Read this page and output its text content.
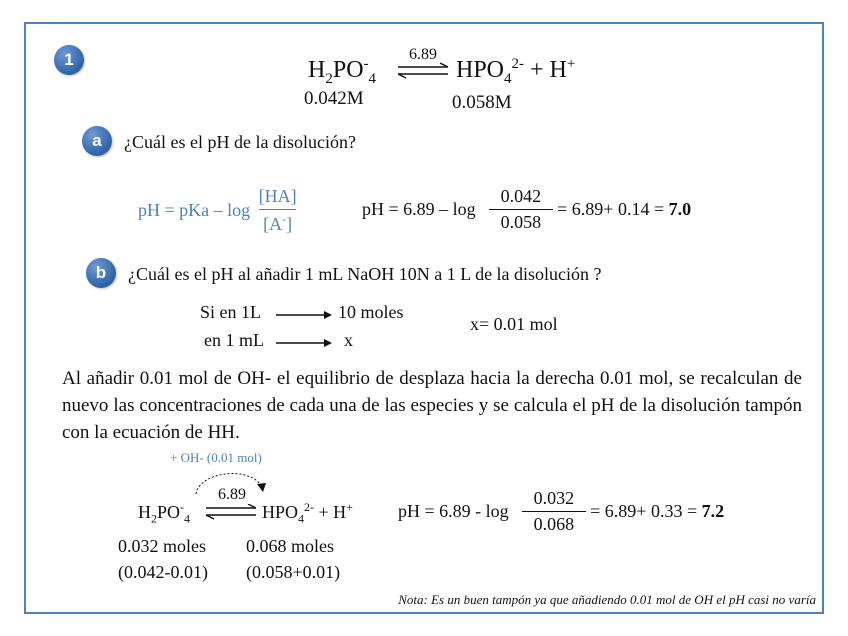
1	$H_2PO^-_4$
6.89
⇌ $HPO_4^{2-} + H^+$
0.042M	0.058M
a	¿Cuál es el pH de la disolución?
pH = pKa – log
$\frac{[HA]}{[A^-]}$	pH = 6.89 – log
$\frac{0.042}{0.058} = 6.89+ 0.14$ =
7.0
b	¿Cuál es el pH al añadir 1 mL NaOH 10N a 1 L de la disolución ?
Si en 1L	10 moles
en 1 mL	x
x= 0.01 mol
Al añadir 0.01 mol de OH- el equilibrio de desplaza hacia la derecha 0.01 mol, se recalculan de nuevo las concentraciones de cada una de las especies y se calcula el pH de la disolución tampón con la ecuación de HH.
+ OH- (0.01 mol)
$H_2PO^-_4$
6.89
⇌ $HPO_4^{2-} + H^+$
0.032 moles 0.068 moles
(0.042-0.01) (0.058+0.01)
pH = 6.89 - log
$\frac{0.032}{0.068} = 6.89+ 0.33$ =
7.2
Nota: Es un buen tampón ya que añadiendo 0.01 mol de OH el pH casi no varía
